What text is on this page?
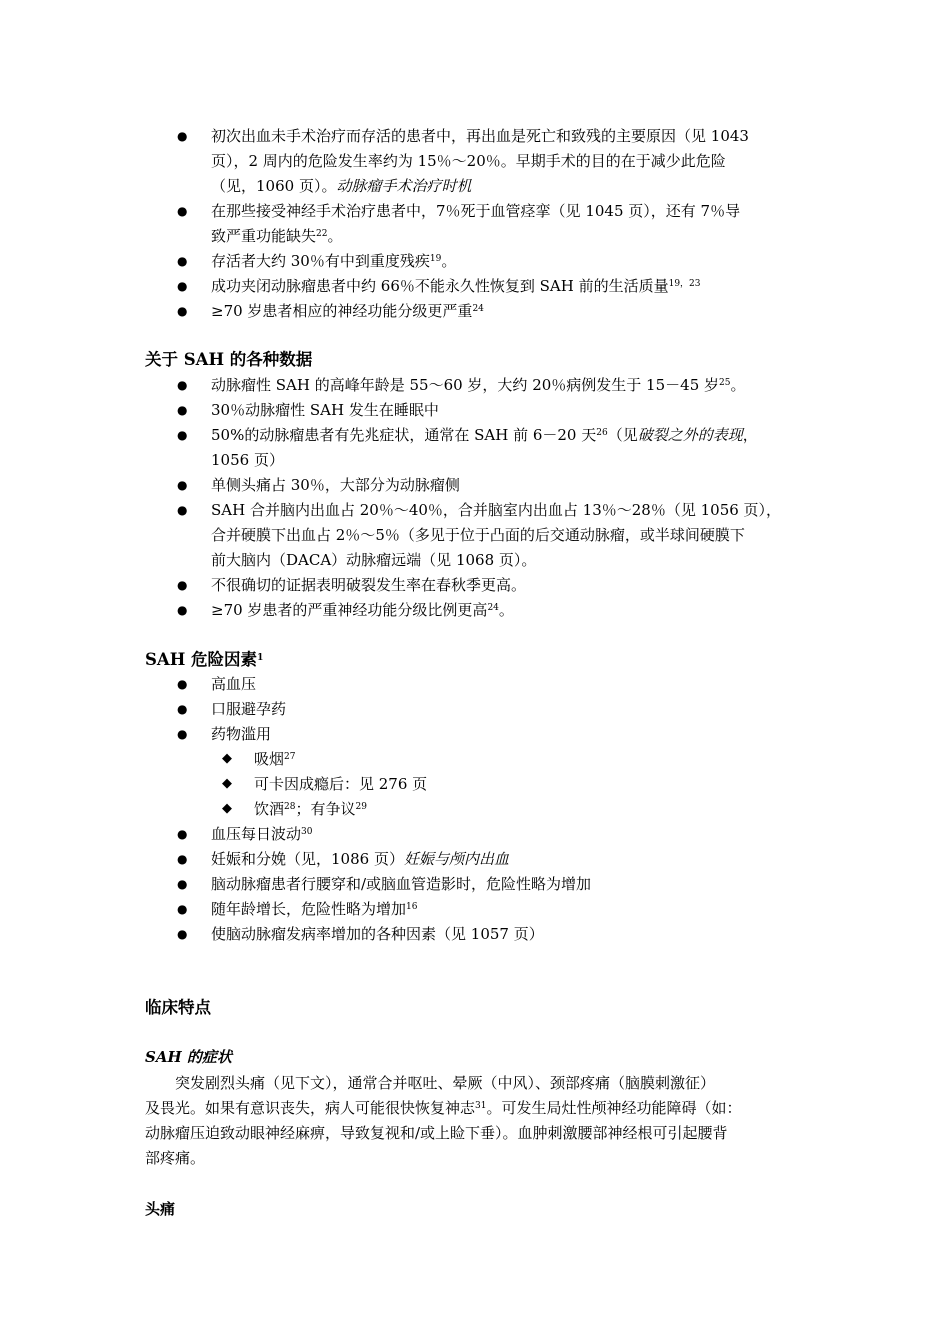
● 初次出血未手术治疗而存活的患者中，再出血是死亡和致残的主要原因（见 1043
页），2 周内的危险发生率约为 15％～20％。早期手术的目的在于减少此危险
（见，1060 页）。动脉瘤手术治疗时机
● 在那些接受神经手术治疗患者中，7％死于血管痉挛（见 1045 页），还有 7％导
致严重功能缺失$^{22}$。
● 存活者大约 30％有中到重度残疾$^{19}$。
● 成功夹闭动脉瘤患者中约 66％不能永久性恢复到 SAH 前的生活质量$^{19,23}$
● ≥70 岁患者相应的神经功能分级更严重$^{24}$
关于 SAH 的各种数据
● 动脉瘤性 SAH 的高峰年龄是 55～60 岁，大约 20％病例发生于 15－45 岁$^{25}$。
● 30％动脉瘤性 SAH 发生在睡眠中
● 50%的动脉瘤患者有先兆症状，通常在 SAH 前 6－20 天$^{26}$（见破裂之外的表现，
1056 页）
● 单侧头痛占 30％，大部分为动脉瘤侧
● SAH 合并脑内出血占 20％～40％，合并脑室内出血占 13％～28％（见 1056 页），
合并硬膜下出血占 2％～5％（多见于位于凸面的后交通动脉瘤，或半球间硬膜下
前大脑内（DACA）动脉瘤远端（见 1068 页）。
● 不很确切的证据表明破裂发生率在春秋季更高。
● ≥70 岁患者的严重神经功能分级比例更高$^{24}$。
SAH 危险因素$^1$
● 高血压
● 口服避孕药
● 药物滥用
◆ 吸烟$^{27}$
◆ 可卡因成瘾后：见 276 页
◆ 饮酒$^{28}$；有争议$^{29}$
● 血压每日波动$^{30}$
● 妊娠和分娩（见，1086 页）妊娠与颅内出血
● 脑动脉瘤患者行腰穿和/或脑血管造影时，危险性略为增加
● 随年龄增长，危险性略为增加$^{16}$
● 使脑动脉瘤发病率增加的各种因素（见 1057 页）
临床特点
SAH 的症状
　　突发剧烈头痛（见下文），通常合并呕吐、晕厥（中风）、颈部疼痛（脑膜刺激征）
及畏光。如果有意识丧失，病人可能很快恢复神志$^{31}$。可发生局灶性颅神经功能障碍（如：
动脉瘤压迫致动眼神经麻痹，导致复视和/或上睑下垂）。血肿刺激腰部神经根可引起腰背
部疼痛。
头痛
